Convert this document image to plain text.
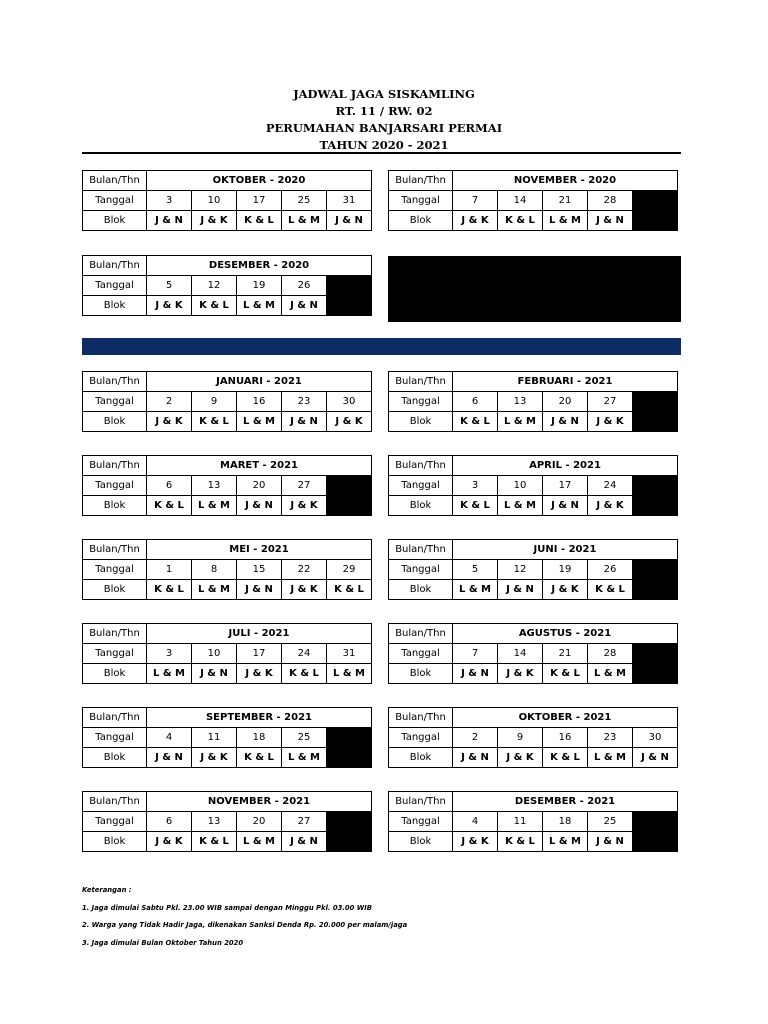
JADWAL JAGA SISKAMLING
RT. 11 / RW. 02
PERUMAHAN BANJARSARI PERMAI
TAHUN 2020 - 2021
Bulan/Thn	OKTOBER - 2020				
Tanggal	3	10	17	25	31
Blok	J & N	J & K	K & L	L & M	J & N
Bulan/Thn	NOVEMBER - 2020				
Tanggal	7	14	21	28	
Blok	J & K	K & L	L & M	J & N	
Bulan/Thn	DESEMBER - 2020				
Tanggal	5	12	19	26	
Blok	J & K	K & L	L & M	J & N	
Bulan/Thn	JANUARI - 2021				
Tanggal	2	9	16	23	30
Blok	J & K	K & L	L & M	J & N	J & K
Bulan/Thn	FEBRUARI - 2021				
Tanggal	6	13	20	27	
Blok	K & L	L & M	J & N	J & K	
Bulan/Thn	MARET - 2021				
Tanggal	6	13	20	27	
Blok	K & L	L & M	J & N	J & K	
Bulan/Thn	APRIL - 2021				
Tanggal	3	10	17	24	
Blok	K & L	L & M	J & N	J & K	
Bulan/Thn	MEI - 2021				
Tanggal	1	8	15	22	29
Blok	K & L	L & M	J & N	J & K	K & L
Bulan/Thn	JUNI - 2021				
Tanggal	5	12	19	26	
Blok	L & M	J & N	J & K	K & L	
Bulan/Thn	JULI - 2021				
Tanggal	3	10	17	24	31
Blok	L & M	J & N	J & K	K & L	L & M
Bulan/Thn	AGUSTUS - 2021				
Tanggal	7	14	21	28	
Blok	J & N	J & K	K & L	L & M	
Bulan/Thn	SEPTEMBER - 2021				
Tanggal	4	11	18	25	
Blok	J & N	J & K	K & L	L & M	
Bulan/Thn	OKTOBER - 2021				
Tanggal	2	9	16	23	30
Blok	J & N	J & K	K & L	L & M	J & N
Bulan/Thn	NOVEMBER - 2021				
Tanggal	6	13	20	27	
Blok	J & K	K & L	L & M	J & N	
Bulan/Thn	DESEMBER - 2021				
Tanggal	4	11	18	25	
Blok	J & K	K & L	L & M	J & N	
Keterangan :
1. Jaga dimulai Sabtu Pkl. 23.00 WIB sampai dengan Minggu Pkl. 03.00 WIB
2. Warga yang Tidak Hadir Jaga, dikenakan Sanksi Denda Rp. 20.000 per malam/jaga
3. Jaga dimulai Bulan Oktober Tahun 2020
